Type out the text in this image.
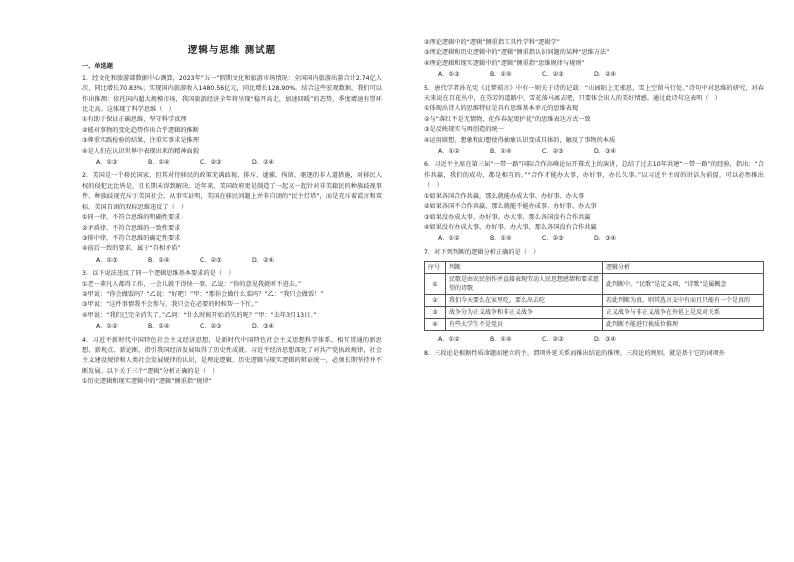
逻辑与思维 测试题
一、单选题

1．经文化和旅游部数据中心测算，2023年“五一”假期文化和旅游市场情况：全国国内旅游出游合计2.74亿人次，同比增长70.83%；实现国内旅游收入1480.56亿元，同比增长128.90%。结合这些宏观数据，我们可以作出推测：依托国内超大规模市场，我国旅游经济全年将呈现“稳开高走，加速回暖”的态势，季度增速有望环比走高。这体现了科学思维（　）

①有助于保证正确思维，坚守科学真理

②能对事物的变化趋势作出合乎逻辑的推断

③尊重实践检验的结果，注重实事求是推理

④是人们在认识世界中表现出来的精神面貌

A．①③	B．①④	C．②③	D．②④

2．美国是一个移民国家，但其对待移民的政策充满歧视、排斥，逮捕、拘留、驱逐的非人道措施，对移民人权的侵犯比比皆是，且长期未得到解决。近年来，美国政府更是制造了一起又一起针对非美籍民的种族歧视事件。种族歧视充斥于美国社会，从事实证明，美国在移民问题上并非自诩的“民主灯塔”，而是充斥着谎言和双标。美国自诩的双标思维违反了（　）

①同一律，不符合思维的明确性要求

②矛盾律，不符合思维的一致性要求

③排中律，不符合思维的确定性要求

④前后一致的要求，属于“自相矛盾”

A．①③	B．①④	C．②③	D．②④

3．以下说法违反了同一个逻辑思维基本要求的是（　）

①老一辈凡人都得工作，一会儿就干得快一事。乙说：“你的意见我就听不进去。”

②甲说：“你会做饭吗？”乙说：“好吧！”甲：“那你会做什么菜吗？”乙：“我只会做饭！”

③甲说：“这件事情我不会参与，我只会在必要的时候帮一下忙。”

④甲说：“我们已完全消失了。”乙问：“什么时候开始消失的呢？”甲：“去年3月13日。”

A．①②	B．①④	C．②③	D．③④

4．习近平新时代中国特色社会主义经济思想，是新时代中国特色社会主义思想科学体系、相互贯通的新思想、新观点、新论断，指引我国经济发展取得了历史性成就。习近平经济思想深化了对共产党执政规律、社会主义建设规律和人类社会发展规律的认识，是理论逻辑、历史逻辑与现实逻辑的辩证统一，必须长期坚持并不断发展。以下关于三个“逻辑”分析正确的是（　）

①历史逻辑和现实逻辑中的“逻辑”侧重指“规律”

②理论逻辑中的“逻辑”侧重指工具性学科“逻辑学”

③理论逻辑和历史逻辑中的“逻辑”侧重指认识问题的某种“思维方法”

④理论逻辑和现实逻辑中的“逻辑”侧重指“思维规律与规则”

A．①③	B．①④	C．②③	D．②④

5．唐代学者孙光宪《北梦琐言》中有一则关于诗的记载：“山园陌上无邪思，雪上空留马行处。”诗句中对思维的研究，对春天来说在百花丛中，在芬芳的道路中，雪花落马离去吧，只要体会出人的美好情感。通过此诗句这表明（　）

①体现出诗人的思维特征是具有思维基本单元的思维表现

②与“落红不是无情物，化作春泥更护花”的思维表达方式一致

③是反映现实与再创造的统一

④运用联想、想象和幻想使得抽象认识变成具体的，触及了事物的本质

A．①②	B．①④	C．②③	D．③④

6．习近平主席在第三届“一带一路”国际合作高峰论坛开幕式上的演讲，总结了过去10年共建“一带一路”的经验，指出：“合作共赢，我们的成功，都是相互的。”“合作才能办大事，办好事，办长久事。”以习近平主席的讲话为前提，可以必然推出（　）

①如果各国合作共赢，那么就能办成大事、办好事、办大事

②如果各国不合作共赢，那么就能不能办成事、办好事、办大事

③如果没办成大事、办好事、办大事，那么各国没有合作共赢

④如果没有办成大事、办好事、办大事，那么各国没有合作共赢

A．①②	B．①④	C．②③	D．③④

7．对下列判断的逻辑分析正确的是（　）

序号	判断	逻辑分析
①	民歌是由农民创作并直接表现劳动人民思想感情和要求愿望的诗歌	此判断中，“民歌”是定义项，“诗歌”是属概念
②	我们今天要么在家里吃，要么出去吃	若此判断为真，则其选言支中有而且只能有一个是真的
③	战争分为正义战争和非正义战争	正义战争与非正义战争在外延上是反对关系
④	有些大学生不是党员	此判断不能进行换质位推理
A．①②	B．①④	C．②③	D．③④

8．三段论是根据性质命题而建立的主、谓项外延关系而推出结论的推理。三段论的规则，就是基于它的词项外
